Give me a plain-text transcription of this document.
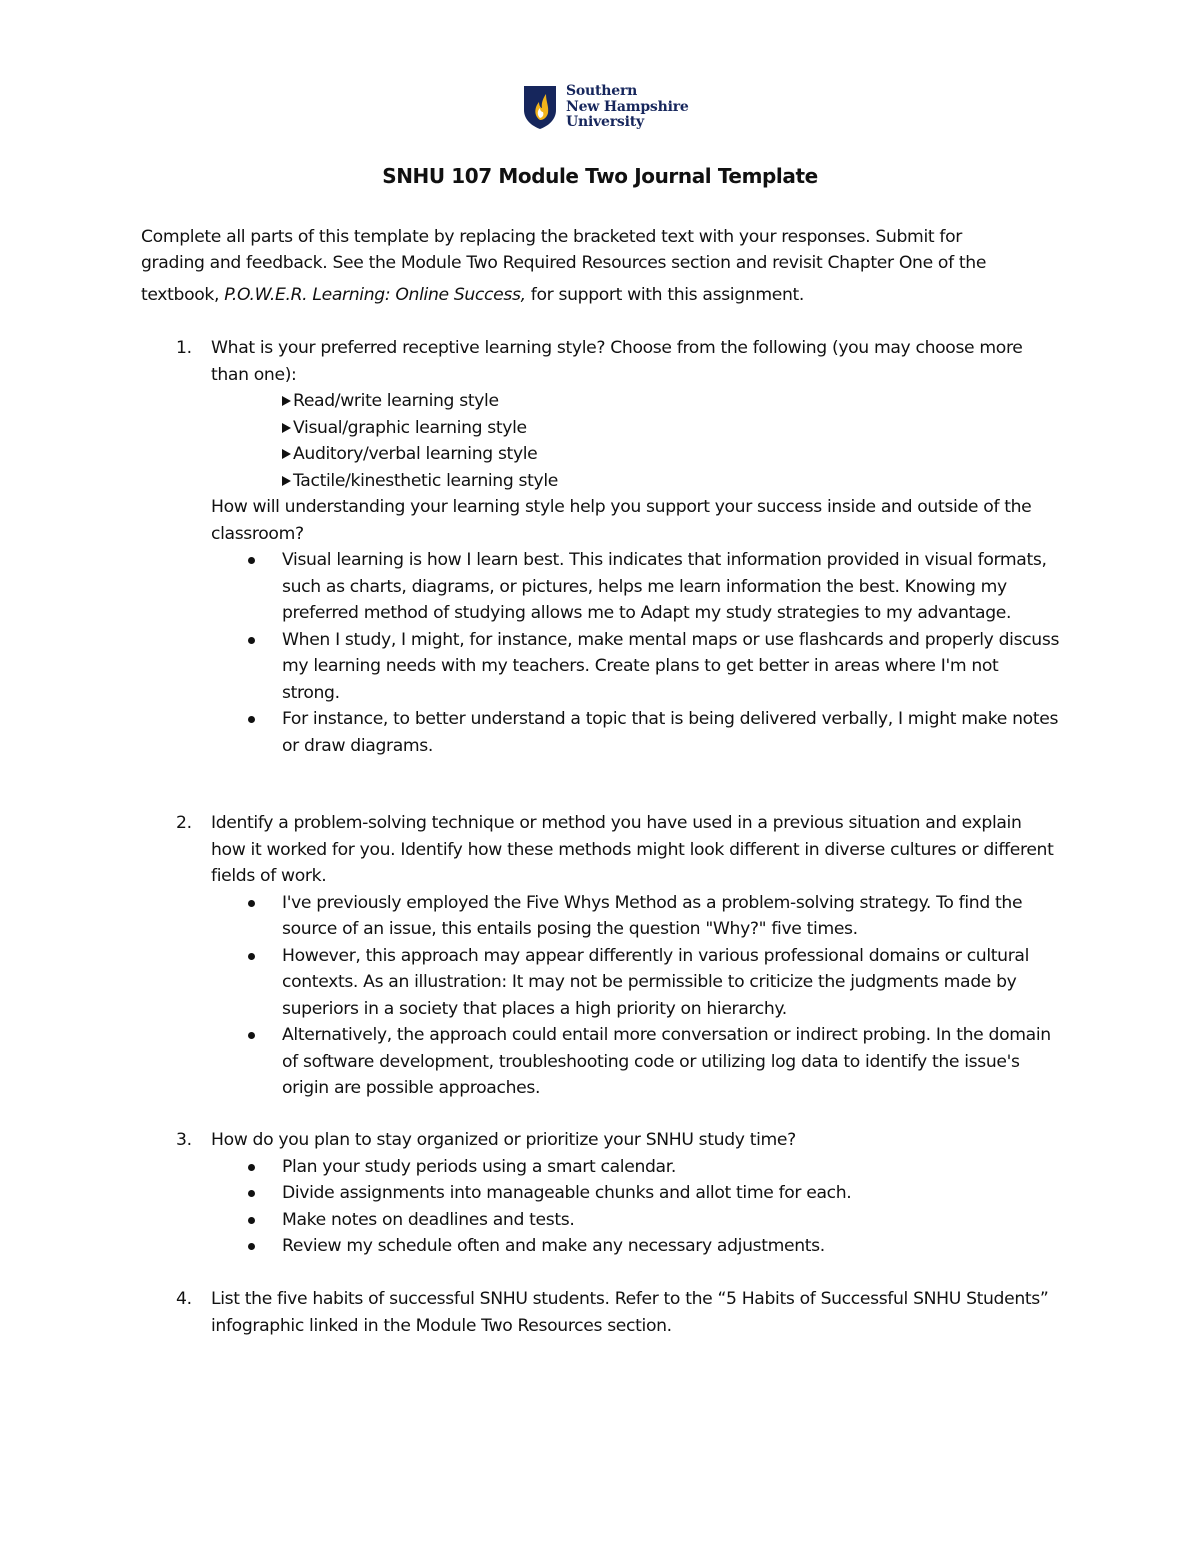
Southern
New Hampshire
University
SNHU 107 Module Two Journal Template
Complete all parts of this template by replacing the bracketed text with your responses. Submit for
grading and feedback. See the Module Two Required Resources section and revisit Chapter One of the
textbook, P.O.W.E.R. Learning: Online Success, for support with this assignment.
1. What is your preferred receptive learning style? Choose from the following (you may choose more than one):
Read/write learning style
Visual/graphic learning style
Auditory/verbal learning style
Tactile/kinesthetic learning style
How will understanding your learning style help you support your success inside and outside of the classroom?
Visual learning is how I learn best. This indicates that information provided in visual formats, such as charts, diagrams, or pictures, helps me learn information the best. Knowing my preferred method of studying allows me to Adapt my study strategies to my advantage.
When I study, I might, for instance, make mental maps or use flashcards and properly discuss my learning needs with my teachers. Create plans to get better in areas where I'm not strong.
For instance, to better understand a topic that is being delivered verbally, I might make notes or draw diagrams.
2. Identify a problem-solving technique or method you have used in a previous situation and explain how it worked for you. Identify how these methods might look different in diverse cultures or different fields of work.
I've previously employed the Five Whys Method as a problem-solving strategy. To find the source of an issue, this entails posing the question "Why?" five times.
However, this approach may appear differently in various professional domains or cultural contexts. As an illustration: It may not be permissible to criticize the judgments made by superiors in a society that places a high priority on hierarchy.
Alternatively, the approach could entail more conversation or indirect probing. In the domain of software development, troubleshooting code or utilizing log data to identify the issue's origin are possible approaches.
3. How do you plan to stay organized or prioritize your SNHU study time?
Plan your study periods using a smart calendar.
Divide assignments into manageable chunks and allot time for each.
Make notes on deadlines and tests.
Review my schedule often and make any necessary adjustments.
4. List the five habits of successful SNHU students. Refer to the “5 Habits of Successful SNHU Students” infographic linked in the Module Two Resources section.
